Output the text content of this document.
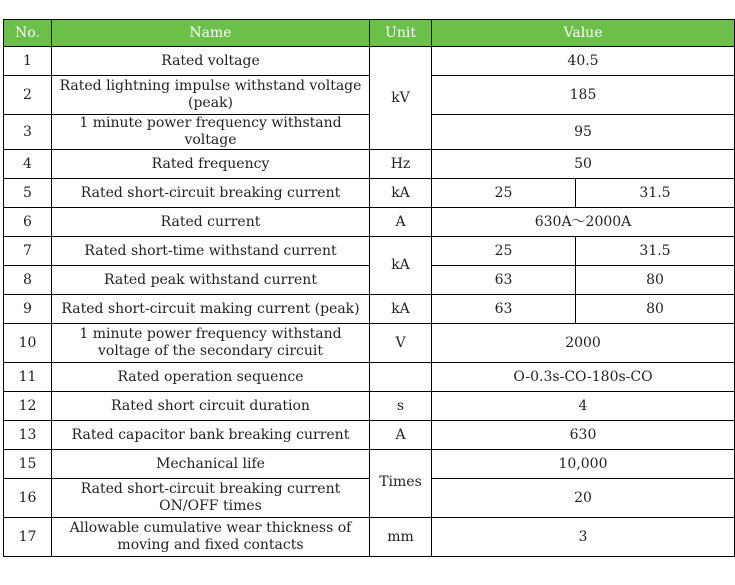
No.	Name	Unit	Value	
1	Rated voltage	kV	40.5	
2	Rated lightning impulse withstand voltage (peak)		185	
3	1 minute power frequency withstand voltage		95	
4	Rated frequency	Hz	50	
5	Rated short-circuit breaking current	kA	25	31.5
6	Rated current	A	630A～2000A	
7	Rated short-time withstand current	kA	25	31.5
8	Rated peak withstand current		63	80
9	Rated short-circuit making current (peak)	kA	63	80
10	1 minute power frequency withstand voltage of the secondary circuit	V	2000	
11	Rated operation sequence		O-0.3s-CO-180s-CO	
12	Rated short circuit duration	s	4	
13	Rated capacitor bank breaking current	A	630	
15	Mechanical life	Times	10,000	
16	Rated short-circuit breaking current ON/OFF times		20	
17	Allowable cumulative wear thickness of moving and fixed contacts	mm	3	
